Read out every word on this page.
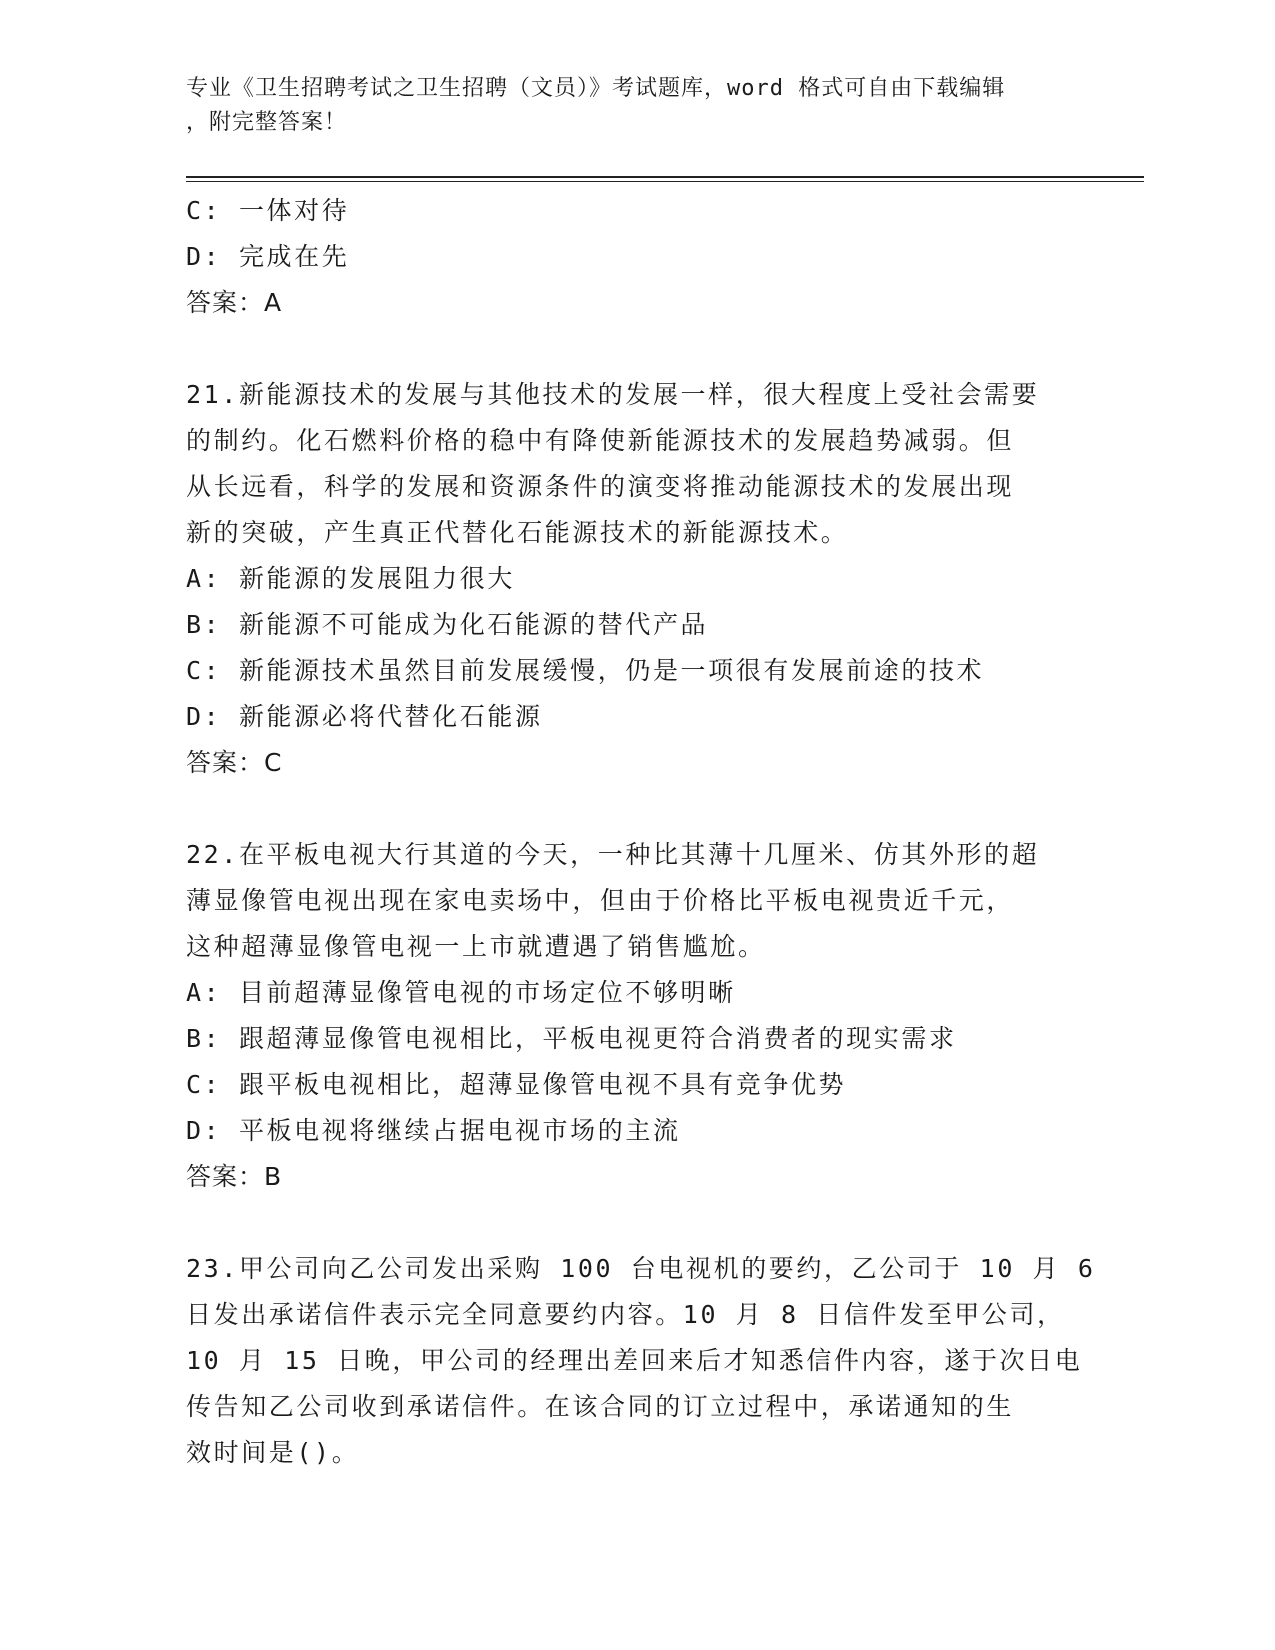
专业《卫生招聘考试之卫生招聘（文员）》考试题库，word 格式可自由下载编辑
，附完整答案！
C: 一体对待
D: 完成在先
答案：A
21.新能源技术的发展与其他技术的发展一样，很大程度上受社会需要
的制约。化石燃料价格的稳中有降使新能源技术的发展趋势减弱。但
从长远看，科学的发展和资源条件的演变将推动能源技术的发展出现
新的突破，产生真正代替化石能源技术的新能源技术。
A: 新能源的发展阻力很大
B: 新能源不可能成为化石能源的替代产品
C: 新能源技术虽然目前发展缓慢，仍是一项很有发展前途的技术
D: 新能源必将代替化石能源
答案：C
22.在平板电视大行其道的今天，一种比其薄十几厘米、仿其外形的超
薄显像管电视出现在家电卖场中，但由于价格比平板电视贵近千元，
这种超薄显像管电视一上市就遭遇了销售尴尬。
A: 目前超薄显像管电视的市场定位不够明晰
B: 跟超薄显像管电视相比，平板电视更符合消费者的现实需求
C: 跟平板电视相比，超薄显像管电视不具有竞争优势
D: 平板电视将继续占据电视市场的主流
答案：B
23.甲公司向乙公司发出采购 100 台电视机的要约，乙公司于 10 月 6
日发出承诺信件表示完全同意要约内容。10 月 8 日信件发至甲公司，
10 月 15 日晚，甲公司的经理出差回来后才知悉信件内容，遂于次日电
传告知乙公司收到承诺信件。在该合同的订立过程中，承诺通知的生
效时间是()。
